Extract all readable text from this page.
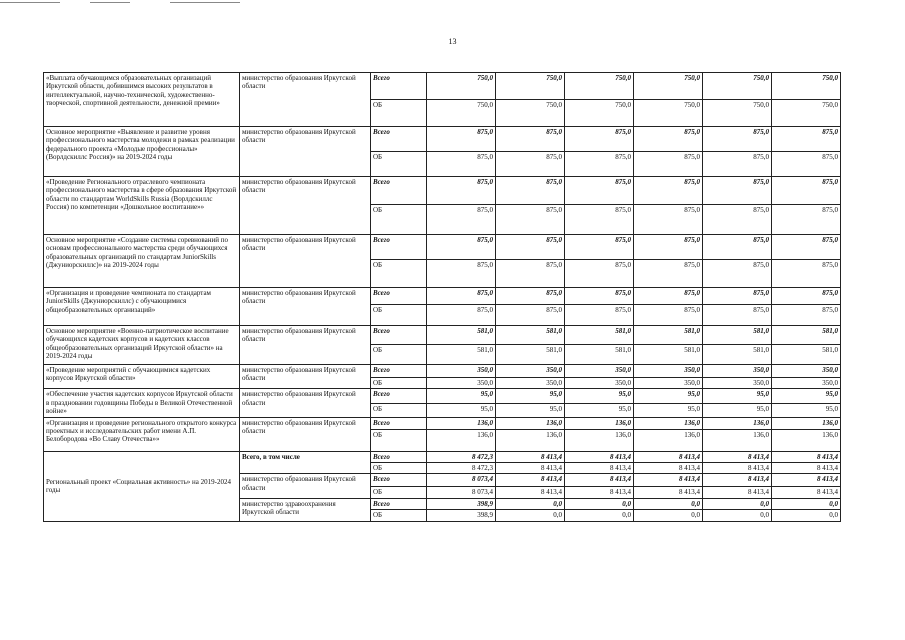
13
«Выплата обучающимся образовательных организаций Иркутской области, добившимся высоких результатов в интеллектуальной, научно-технической, художественно-творческой, спортивной деятельности, денежной премии»	министерство образования Иркутской области	Всего	750,0	750,0	750,0	750,0	750,0	750,0
		ОБ	750,0	750,0	750,0	750,0	750,0	750,0
Основное мероприятие «Выявление и развитие уровня профессионального мастерства молодежи в рамках реализации федерального проекта «Молодые профессионалы» (Ворлдскиллс Россия)» на 2019-2024 годы	министерство образования Иркутской области	Всего	875,0	875,0	875,0	875,0	875,0	875,0
		ОБ	875,0	875,0	875,0	875,0	875,0	875,0
«Проведение Регионального отраслевого чемпионата профессионального мастерства в сфере образования Иркутской области по стандартам WorldSkills Russia (Ворлдскиллс Россия) по компетенции «Дошкольное воспитание»»	министерство образования Иркутской области	Всего	875,0	875,0	875,0	875,0	875,0	875,0
		ОБ	875,0	875,0	875,0	875,0	875,0	875,0
Основное мероприятие «Создание системы соревнований по основам профессионального мастерства среди обучающихся образовательных организаций по стандартам JuniorSkills (Джуниорскиллс)» на 2019-2024 годы	министерство образования Иркутской области	Всего	875,0	875,0	875,0	875,0	875,0	875,0
		ОБ	875,0	875,0	875,0	875,0	875,0	875,0
«Организация и проведение чемпионата по стандартам JuniorSkills (Джуниорскиллс) с обучающимися общеобразовательных организаций»	министерство образования Иркутской области	Всего	875,0	875,0	875,0	875,0	875,0	875,0
		ОБ	875,0	875,0	875,0	875,0	875,0	875,0
Основное мероприятие «Военно-патриотическое воспитание обучающихся кадетских корпусов и кадетских классов общеобразовательных организаций Иркутской области» на 2019-2024 годы	министерство образования Иркутской области	Всего	581,0	581,0	581,0	581,0	581,0	581,0
		ОБ	581,0	581,0	581,0	581,0	581,0	581,0
«Проведение мероприятий с обучающимися кадетских корпусов Иркутской области»	министерство образования Иркутской области	Всего	350,0	350,0	350,0	350,0	350,0	350,0
		ОБ	350,0	350,0	350,0	350,0	350,0	350,0
«Обеспечение участия кадетских корпусов Иркутской области в праздновании годовщины Победы в Великой Отечественной войне»	министерство образования Иркутской области	Всего	95,0	95,0	95,0	95,0	95,0	95,0
		ОБ	95,0	95,0	95,0	95,0	95,0	95,0
«Организация и проведение регионального открытого конкурса проектных и исследовательских работ имени А.П. Белобородова «Во Славу Отечества»»	министерство образования Иркутской области	Всего	136,0	136,0	136,0	136,0	136,0	136,0
		ОБ	136,0	136,0	136,0	136,0	136,0	136,0
Региональный проект «Социальная активность» на 2019-2024 годы	Всего, в том числе	Всего	8 472,3	8 413,4	8 413,4	8 413,4	8 413,4	8 413,4
		ОБ	8 472,3	8 413,4	8 413,4	8 413,4	8 413,4	8 413,4
	министерство образования Иркутской области	Всего	8 073,4	8 413,4	8 413,4	8 413,4	8 413,4	8 413,4
		ОБ	8 073,4	8 413,4	8 413,4	8 413,4	8 413,4	8 413,4
	министерство здравоохранения Иркутской области	Всего	398,9	0,0	0,0	0,0	0,0	0,0
		ОБ	398,9	0,0	0,0	0,0	0,0	0,0
